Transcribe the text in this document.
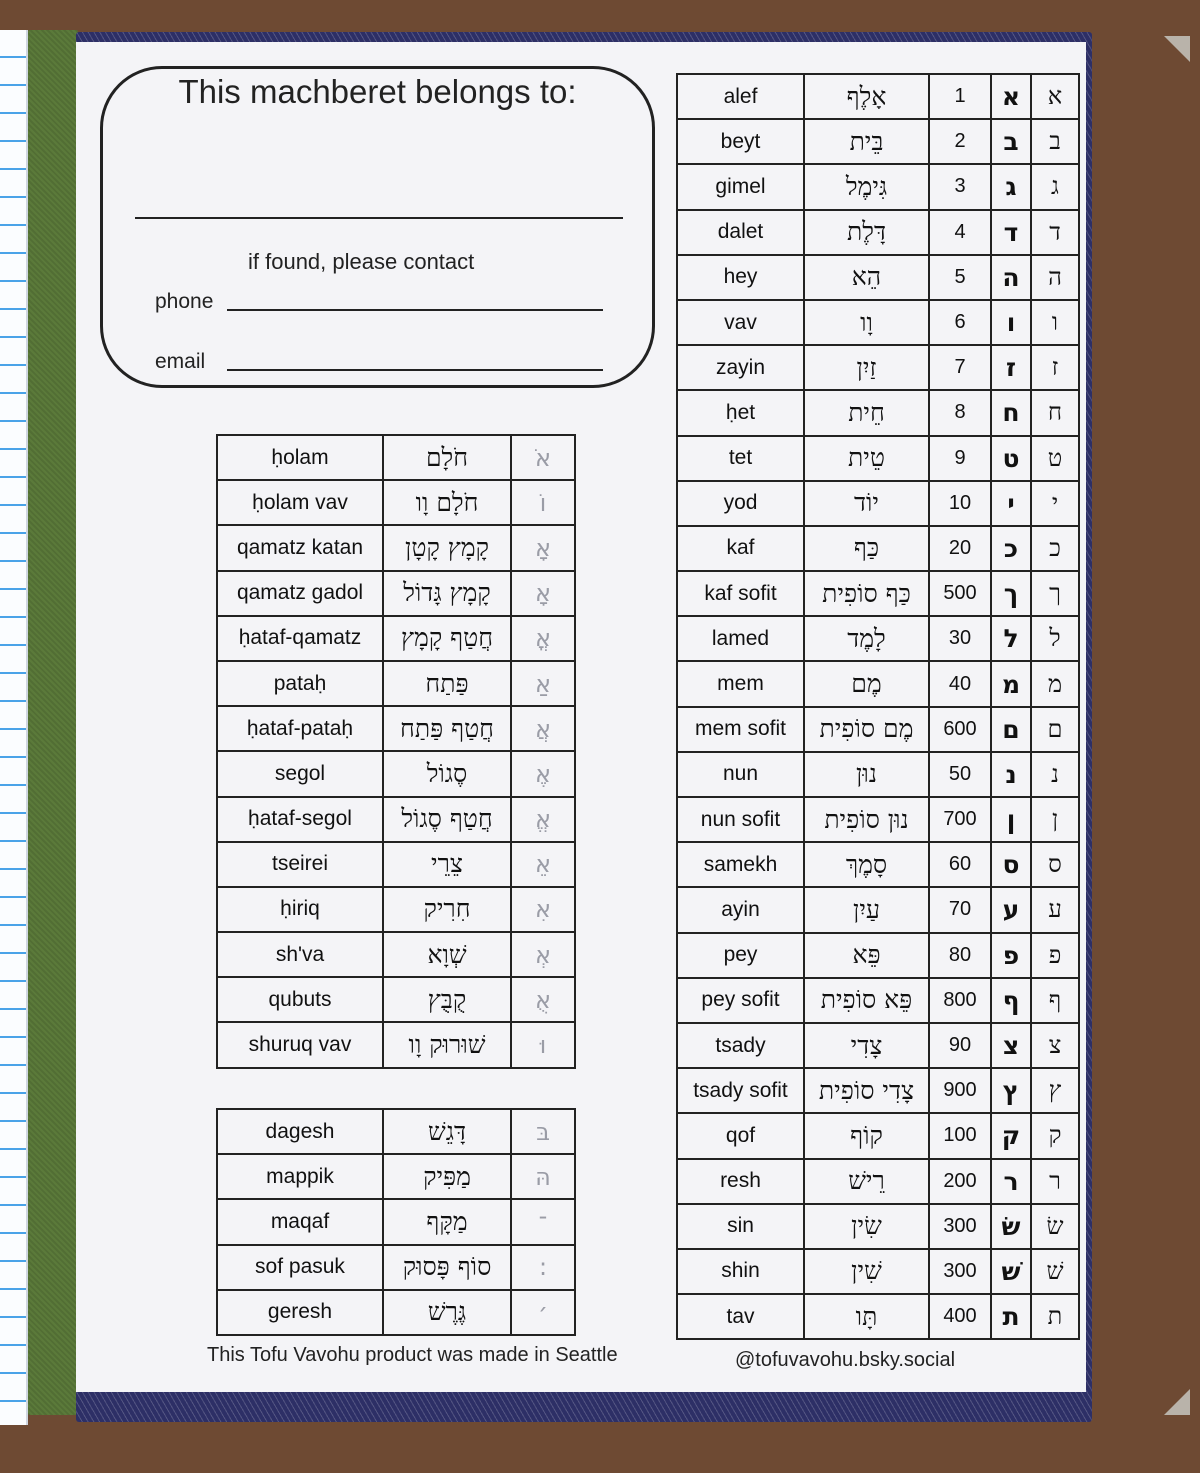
This machberet belongs to:
if found, please contact
phone
email
ḥolam	חֹלָם	אֹ
ḥolam vav	חֹלָם וָו	וֹ
qamatz katan	קָמָץ קָטָן	אָ
qamatz gadol	קָמָץ גָּדוֹל	אָ
ḥataf-qamatz	חֲטַף קָמָץ	אֳ
pataḥ	פַּתַח	אַ
ḥataf-pataḥ	חֲטַף פַּתַח	אֲ
segol	סֶגוֹל	אֶ
ḥataf-segol	חֲטַף סֶגוֹל	אֱ
tseirei	צֵרֵי	אֵ
ḥiriq	חִרִיק	אִ
sh'va	שְׁוָא	אְ
qubuts	קֻבֻּץ	אֻ
shuruq vav	שׁוּרוּק וָו	וּ
dagesh	דָּגֵשׁ	בּ
mappik	מַפִּיק	הּ
maqaf	מַקָּף	־
sof pasuk	סוֹף פָּסוּק	:
geresh	גֶּרֶשׁ	׳
alef	אָלֶף	1	א	א
beyt	בֵּית	2	ב	ב
gimel	גִּימֶל	3	ג	ג
dalet	דָּלֶת	4	ד	ד
hey	הֵא	5	ה	ה
vav	וָו	6	ו	ו
zayin	זַיִן	7	ז	ז
ḥet	חֵית	8	ח	ח
tet	טֵית	9	ט	ט
yod	יוֹד	10	י	י
kaf	כַּף	20	כ	כ
kaf sofit	כַּף סוֹפִית	500	ך	ך
lamed	לָמֶד	30	ל	ל
mem	מֶם	40	מ	מ
mem sofit	מֶם סוֹפִית	600	ם	ם
nun	נוּן	50	נ	נ
nun sofit	נוּן סוֹפִית	700	ן	ן
samekh	סָמֶךְ	60	ס	ס
ayin	עַיִן	70	ע	ע
pey	פֵּא	80	פ	פ
pey sofit	פֵּא סוֹפִית	800	ף	ף
tsady	צָדִי	90	צ	צ
tsady sofit	צָדִי סוֹפִית	900	ץ	ץ
qof	קוֹף	100	ק	ק
resh	רֵישׁ	200	ר	ר
sin	שִׂין	300	שׂ	שׂ
shin	שִׁין	300	שׁ	שׁ
tav	תָּו	400	ת	ת
This Tofu Vavohu product was made in Seattle	@tofuvavohu.bsky.social
